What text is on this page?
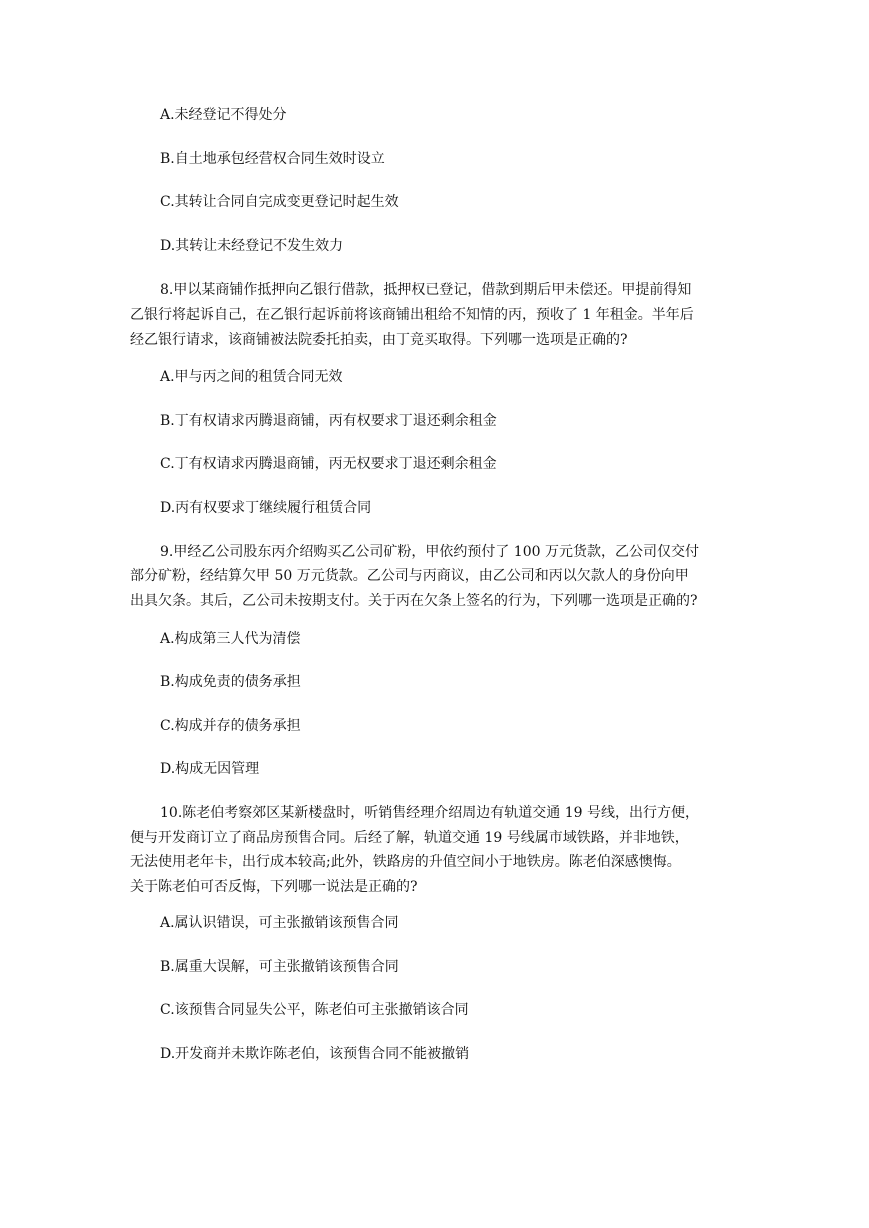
A.未经登记不得处分
B.自土地承包经营权合同生效时设立
C.其转让合同自完成变更登记时起生效
D.其转让未经登记不发生效力
8.甲以某商铺作抵押向乙银行借款，抵押权已登记，借款到期后甲未偿还。甲提前得知
乙银行将起诉自己，在乙银行起诉前将该商铺出租给不知情的丙，预收了 1 年租金。半年后
经乙银行请求，该商铺被法院委托拍卖，由丁竞买取得。下列哪一选项是正确的?
A.甲与丙之间的租赁合同无效
B.丁有权请求丙腾退商铺，丙有权要求丁退还剩余租金
C.丁有权请求丙腾退商铺，丙无权要求丁退还剩余租金
D.丙有权要求丁继续履行租赁合同
9.甲经乙公司股东丙介绍购买乙公司矿粉，甲依约预付了 100 万元货款，乙公司仅交付
部分矿粉，经结算欠甲 50 万元货款。乙公司与丙商议，由乙公司和丙以欠款人的身份向甲
出具欠条。其后，乙公司未按期支付。关于丙在欠条上签名的行为，下列哪一选项是正确的?
A.构成第三人代为清偿
B.构成免责的债务承担
C.构成并存的债务承担
D.构成无因管理
10.陈老伯考察郊区某新楼盘时，听销售经理介绍周边有轨道交通 19 号线，出行方便，
便与开发商订立了商品房预售合同。后经了解，轨道交通 19 号线属市域铁路，并非地铁，
无法使用老年卡，出行成本较高;此外，铁路房的升值空间小于地铁房。陈老伯深感懊悔。
关于陈老伯可否反悔，下列哪一说法是正确的?
A.属认识错误，可主张撤销该预售合同
B.属重大误解，可主张撤销该预售合同
C.该预售合同显失公平，陈老伯可主张撤销该合同
D.开发商并未欺诈陈老伯，该预售合同不能被撤销
